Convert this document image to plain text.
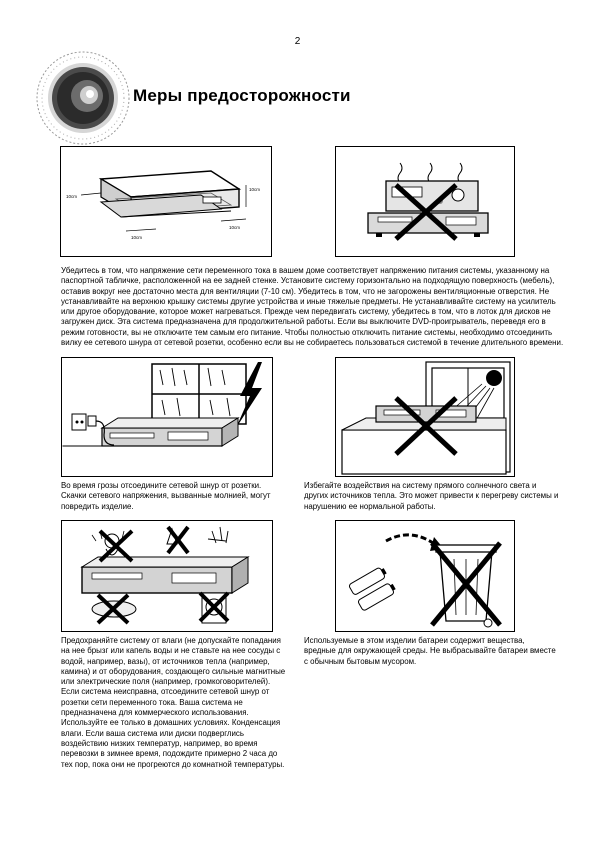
2
Меры предосторожности
10cm
10cm
10cm
10cm
Убедитесь в том, что напряжение сети переменного тока в вашем доме соответствует напряжению питания системы, указанному на паспортной табличке, расположенной на ее задней стенке. Установите систему горизонтально на подходящую поверхность (мебель), оставив вокруг нее достаточно места для вентиляции (7-10 см). Убедитесь в том, что не загорожены вентиляционные отверстия. Не устанавливайте на верхнюю крышку системы другие устройства и иные тяжелые предметы. Не устанавливайте систему на усилитель или другое оборудование, которое может нагреваться. Прежде чем передвигать систему, убедитесь в том, что в лоток для дисков не загружен диск. Эта система предназначена для продолжительной работы. Если вы выключите DVD-проигрыватель, переведя его в режим готовности, вы не отключите тем самым его питание. Чтобы полностью отключить питание системы, необходимо отсоединить вилку ее сетевого шнура от сетевой розетки, особенно если вы не собираетесь пользоваться системой в течение длительного времени.
Во время грозы отсоедините сетевой шнур от розетки. Скачки сетевого напряжения, вызванные молнией, могут повредить изделие.
Избегайте воздействия на систему прямого солнечного света и других источников тепла. Это может привести к перегреву системы и нарушению ее нормальной работы.
Предохраняйте систему от влаги (не допускайте попадания на нее брызг или капель воды и не ставьте на нее сосуды с водой, например, вазы), от источников тепла (например, камина) и от оборудования, создающего сильные магнитные или электрические поля (например, громкоговорителей). Если система неисправна, отсоедините сетевой шнур от розетки сети переменного тока. Ваша система не предназначена для коммерческого использования. Используйте ее только в домашних условиях. Конденсация влаги. Если ваша система или диски подверглись воздействию низких температур, например, во время перевозки в зимнее время, подождите примерно 2 часа до тех пор, пока они не прогреются до комнатной температуры.
Используемые в этом изделии батареи содержит вещества, вредные для окружающей среды. Не выбрасывайте батареи вместе с обычным бытовым мусором.
